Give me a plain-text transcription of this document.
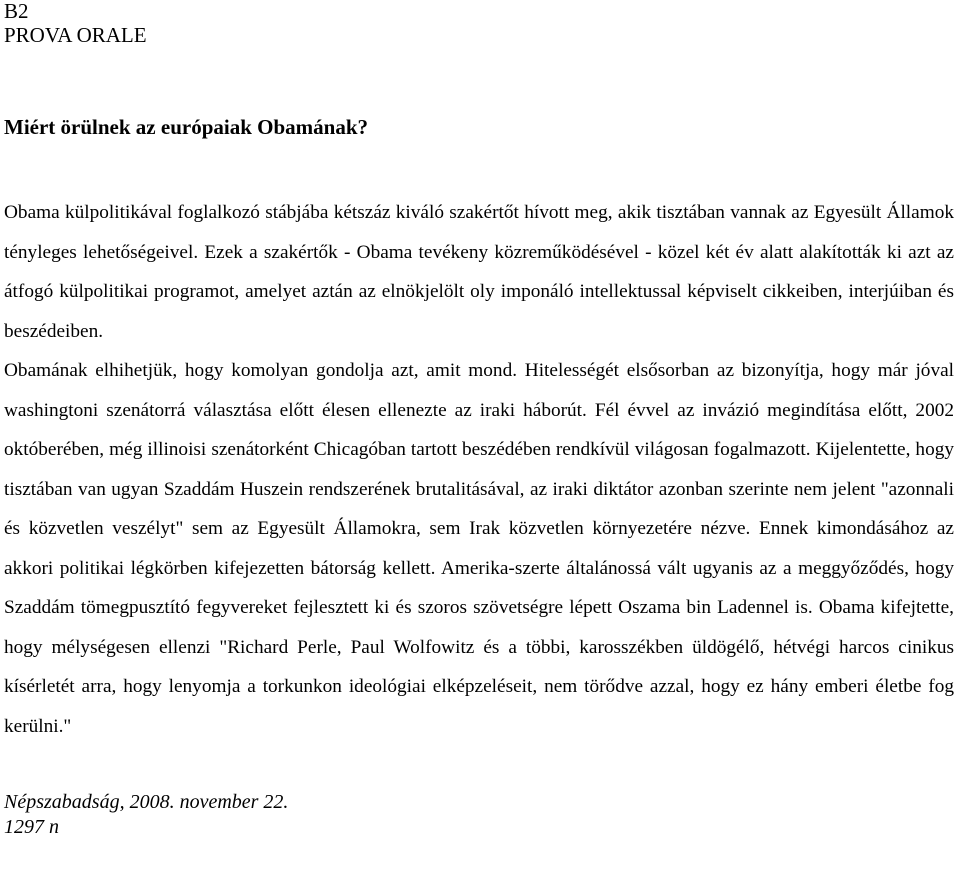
B2

PROVA ORALE

Miért örülnek az európaiak Obamának?

Obama külpolitikával foglalkozó stábjába kétszáz kiváló szakértőt hívott meg, akik tisztában vannak az Egyesült Államok tényleges lehetőségeivel. Ezek a szakértők - Obama tevékeny közreműködésével - közel két év alatt alakították ki azt az átfogó külpolitikai programot, amelyet aztán az elnökjelölt oly imponáló intellektussal képviselt cikkeiben, interjúiban és beszédeiben.

Obamának elhihetjük, hogy komolyan gondolja azt, amit mond. Hitelességét elsősorban az bizonyítja, hogy már jóval washingtoni szenátorrá választása előtt élesen ellenezte az iraki háborút. Fél évvel az invázió megindítása előtt, 2002 októberében, még illinoisi szenátorként Chicagóban tartott beszédében rendkívül világosan fogalmazott. Kijelentette, hogy tisztában van ugyan Szaddám Huszein rendszerének brutalitásával, az iraki diktátor azonban szerinte nem jelent "azonnali és közvetlen veszélyt" sem az Egyesült Államokra, sem Irak közvetlen környezetére nézve. Ennek kimondásához az akkori politikai légkörben kifejezetten bátorság kellett. Amerika-szerte általánossá vált ugyanis az a meggyőződés, hogy Szaddám tömegpusztító fegyvereket fejlesztett ki és szoros szövetségre lépett Oszama bin Ladennel is. Obama kifejtette, hogy mélységesen ellenzi "Richard Perle, Paul Wolfowitz és a többi, karosszékben üldögélő, hétvégi harcos cinikus kísérletét arra, hogy lenyomja a torkunkon ideológiai elképzeléseit, nem törődve azzal, hogy ez hány emberi életbe fog kerülni."

Népszabadság, 2008. november 22.

1297 n
